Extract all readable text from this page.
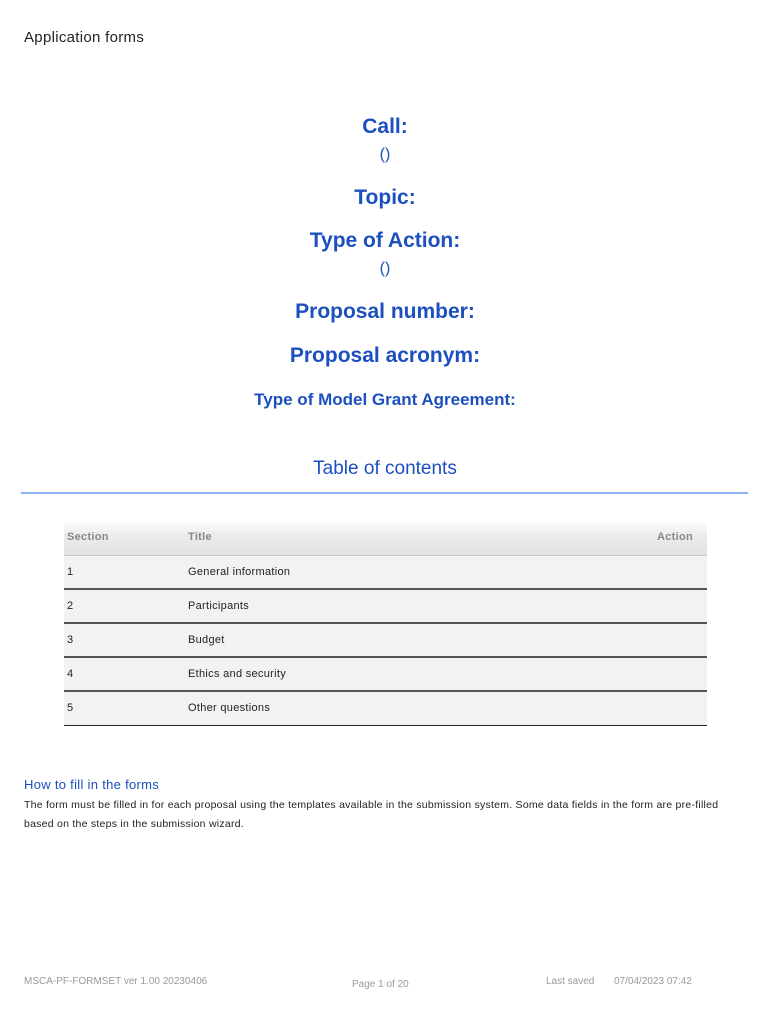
Application forms
Call:
()
Topic:
Type of Action:
()
Proposal number:
Proposal acronym:
Type of Model Grant Agreement:
Table of contents
Section	Title	Action
1	General information	
2	Participants	
3	Budget	
4	Ethics and security	
5	Other questions	
How to fill in the forms
The form must be filled in for each proposal using the templates available in the submission system. Some data fields in the form are pre-filled based on the steps in the submission wizard.
MSCA-PF-FORMSET ver 1.00 20230406	Page 1 of 20	Last saved 07/04/2023 07:42
